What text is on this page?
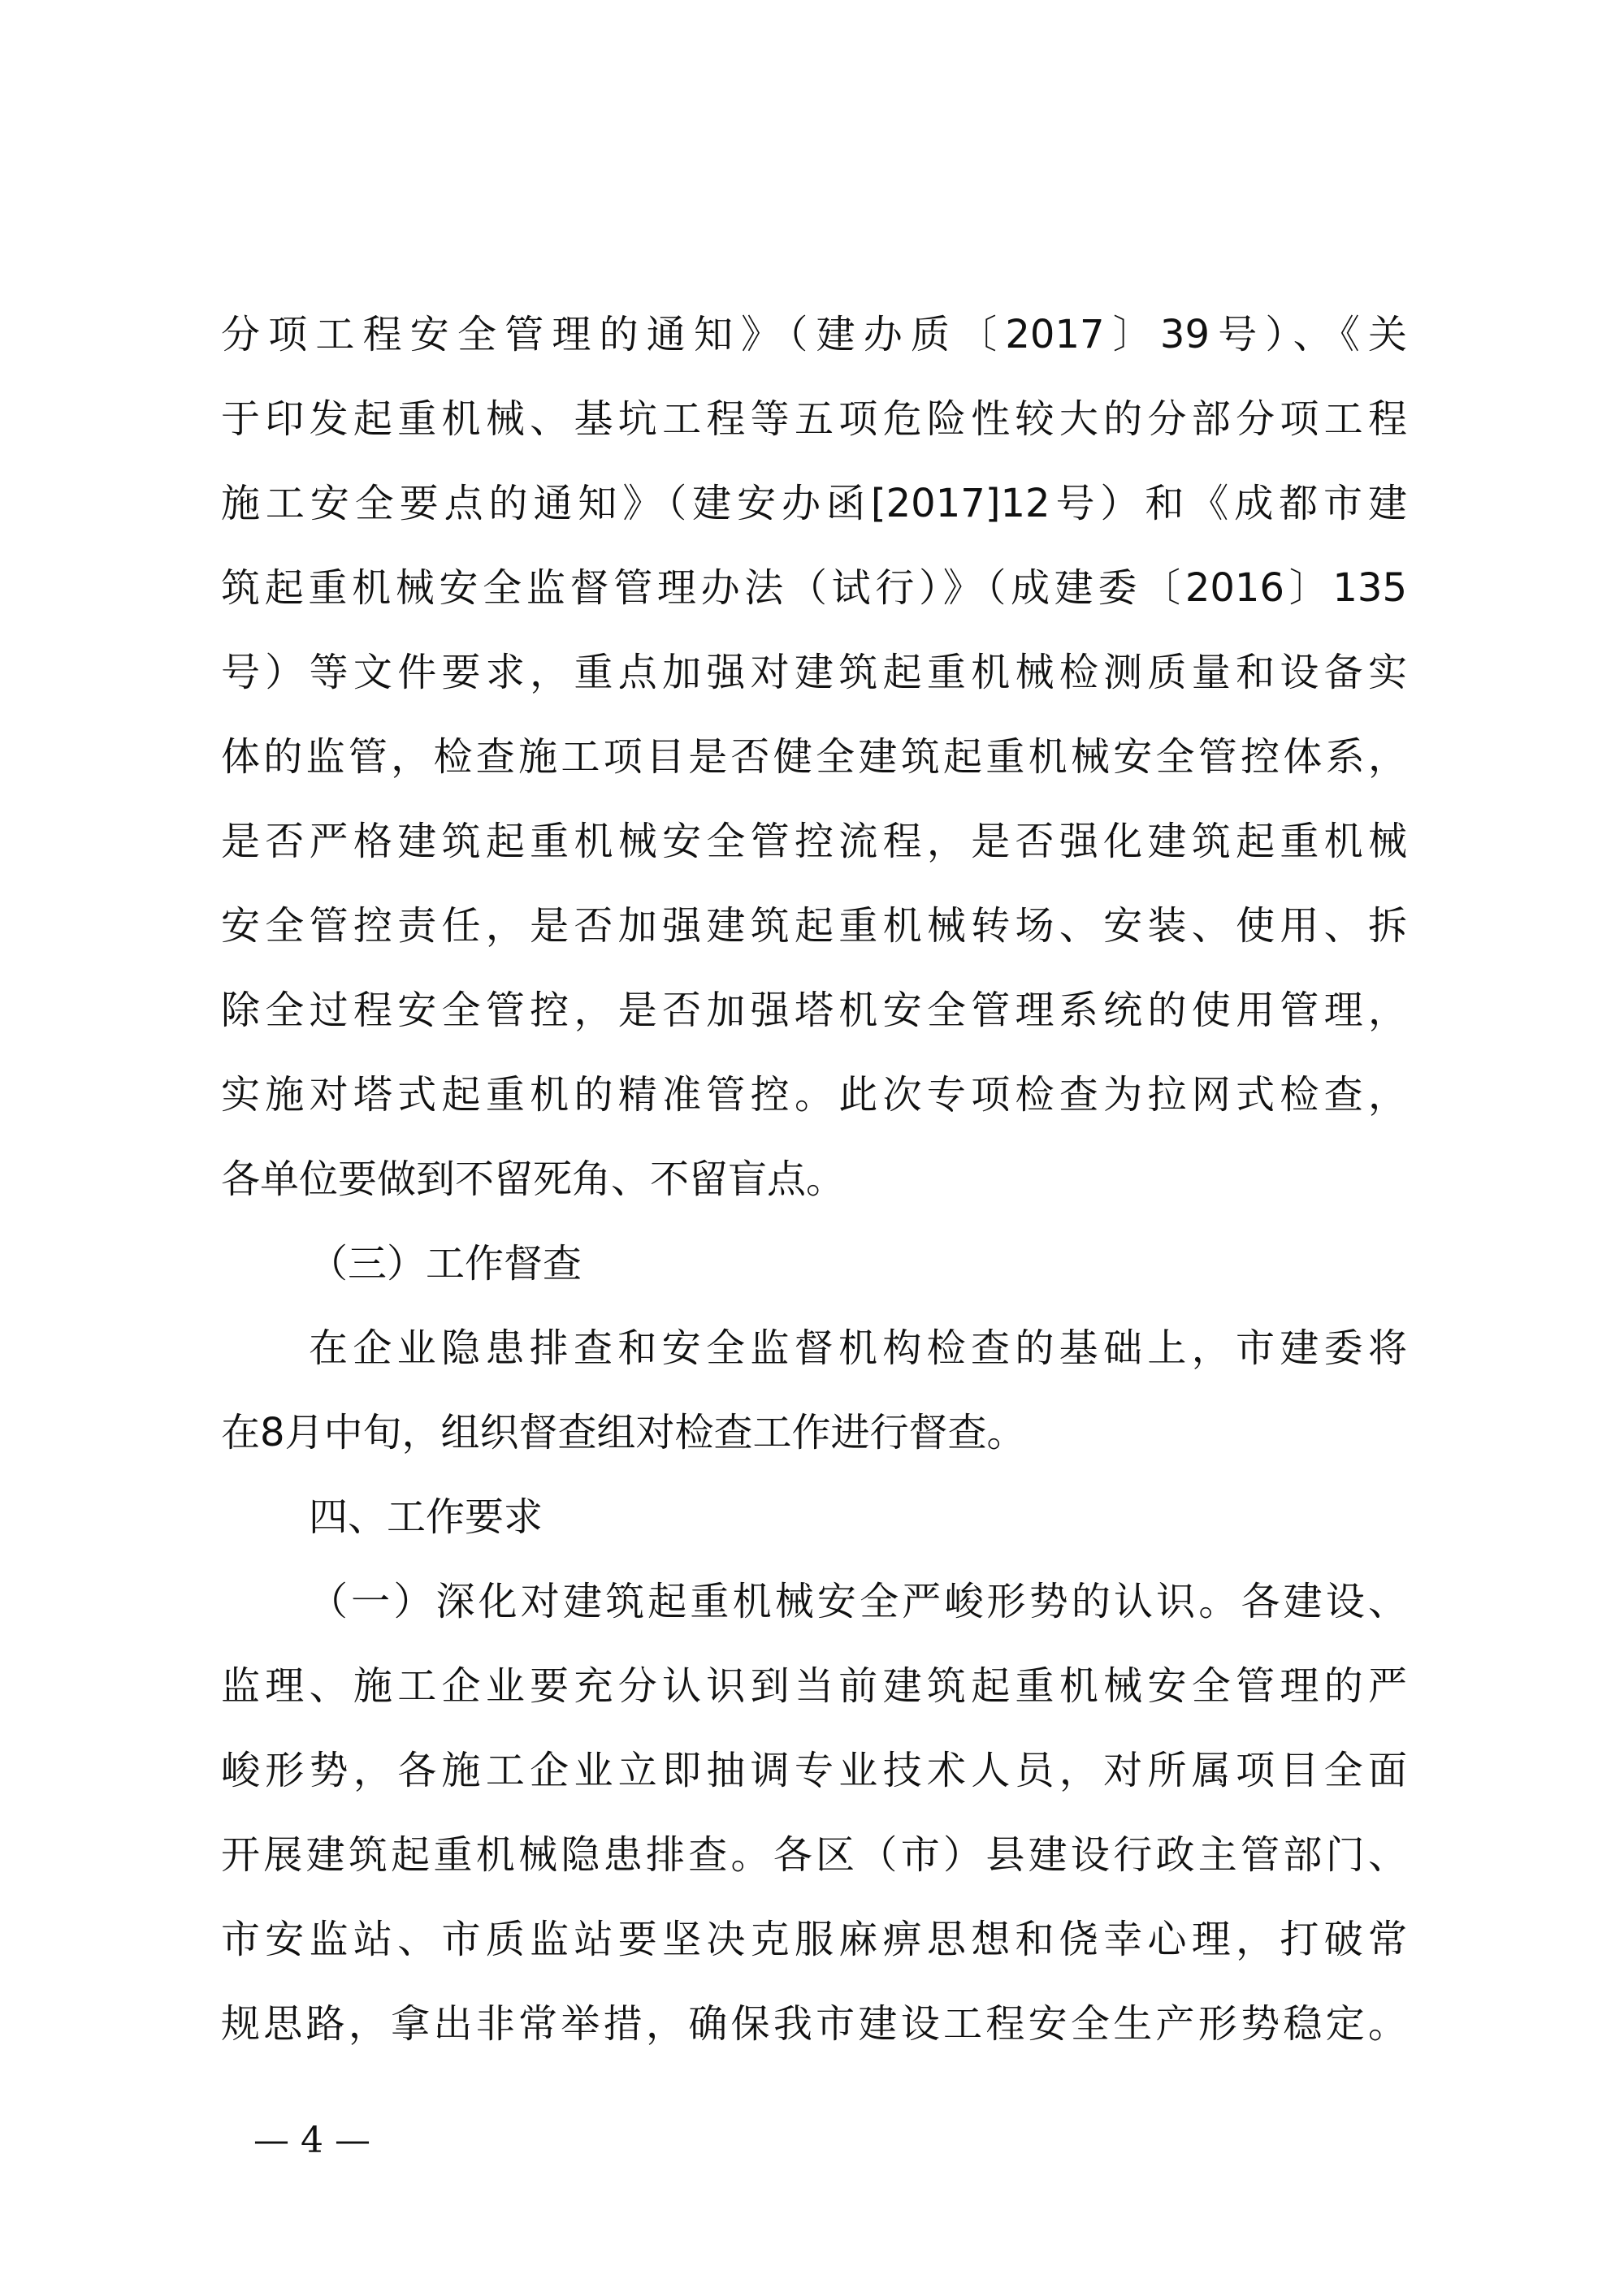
分项工程安全管理的通知》（建办质〔2017〕39号）、《关
于印发起重机械、基坑工程等五项危险性较大的分部分项工程
施工安全要点的通知》（建安办函[2017]12号）和《成都市建
筑起重机械安全监督管理办法（试行）》（成建委〔2016〕135
号）等文件要求，重点加强对建筑起重机械检测质量和设备实
体的监管，检查施工项目是否健全建筑起重机械安全管控体系，
是否严格建筑起重机械安全管控流程，是否强化建筑起重机械
安全管控责任，是否加强建筑起重机械转场、安装、使用、拆
除全过程安全管控，是否加强塔机安全管理系统的使用管理，
实施对塔式起重机的精准管控。此次专项检查为拉网式检查，
各单位要做到不留死角、不留盲点。
（三）工作督查
在企业隐患排查和安全监督机构检查的基础上，市建委将
在8月中旬，组织督查组对检查工作进行督查。
四、工作要求
（一）深化对建筑起重机械安全严峻形势的认识。各建设、
监理、施工企业要充分认识到当前建筑起重机械安全管理的严
峻形势，各施工企业立即抽调专业技术人员，对所属项目全面
开展建筑起重机械隐患排查。各区（市）县建设行政主管部门、
市安监站、市质监站要坚决克服麻痹思想和侥幸心理，打破常
规思路，拿出非常举措，确保我市建设工程安全生产形势稳定。
— 4 —
